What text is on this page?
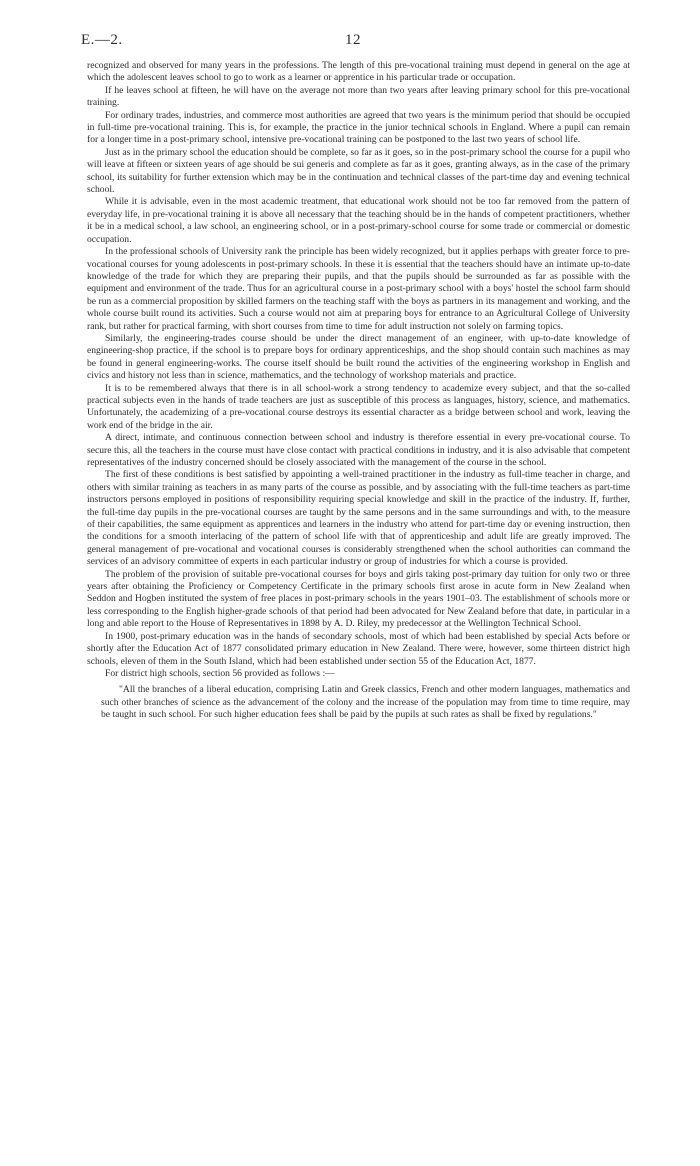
E.—2.	12

recognized and observed for many years in the professions. The length of this pre-vocational training must depend in general on the age at which the adolescent leaves school to go to work as a learner or apprentice in his particular trade or occupation.

If he leaves school at fifteen, he will have on the average not more than two years after leaving primary school for this pre-vocational training.

For ordinary trades, industries, and commerce most authorities are agreed that two years is the minimum period that should be occupied in full-time pre-vocational training. This is, for example, the practice in the junior technical schools in England. Where a pupil can remain for a longer time in a post-primary school, intensive pre-vocational training can be postponed to the last two years of school life.

Just as in the primary school the education should be complete, so far as it goes, so in the post-primary school the course for a pupil who will leave at fifteen or sixteen years of age should be sui generis and complete as far as it goes, granting always, as in the case of the primary school, its suitability for further extension which may be in the continuation and technical classes of the part-time day and evening technical school.

While it is advisable, even in the most academic treatment, that educational work should not be too far removed from the pattern of everyday life, in pre-vocational training it is above all necessary that the teaching should be in the hands of competent practitioners, whether it be in a medical school, a law school, an engineering school, or in a post-primary-school course for some trade or commercial or domestic occupation.

In the professional schools of University rank the principle has been widely recognized, but it applies perhaps with greater force to pre-vocational courses for young adolescents in post-primary schools. In these it is essential that the teachers should have an intimate up-to-date knowledge of the trade for which they are preparing their pupils, and that the pupils should be surrounded as far as possible with the equipment and environment of the trade. Thus for an agricultural course in a post-primary school with a boys' hostel the school farm should be run as a commercial proposition by skilled farmers on the teaching staff with the boys as partners in its management and working, and the whole course built round its activities. Such a course would not aim at preparing boys for entrance to an Agricultural College of University rank, but rather for practical farming, with short courses from time to time for adult instruction not solely on farming topics.

Similarly, the engineering-trades course should be under the direct management of an engineer, with up-to-date knowledge of engineering-shop practice, if the school is to prepare boys for ordinary apprenticeships, and the shop should contain such machines as may be found in general engineering-works. The course itself should be built round the activities of the engineering workshop in English and civics and history not less than in science, mathematics, and the technology of workshop materials and practice.

It is to be remembered always that there is in all school-work a strong tendency to academize every subject, and that the so-called practical subjects even in the hands of trade teachers are just as susceptible of this process as languages, history, science, and mathematics. Unfortunately, the academizing of a pre-vocational course destroys its essential character as a bridge between school and work, leaving the work end of the bridge in the air.

A direct, intimate, and continuous connection between school and industry is therefore essential in every pre-vocational course. To secure this, all the teachers in the course must have close contact with practical conditions in industry, and it is also advisable that competent representatives of the industry concerned should be closely associated with the management of the course in the school.

The first of these conditions is best satisfied by appointing a well-trained practitioner in the industry as full-time teacher in charge, and others with similar training as teachers in as many parts of the course as possible, and by associating with the full-time teachers as part-time instructors persons employed in positions of responsibility requiring special knowledge and skill in the practice of the industry. If, further, the full-time day pupils in the pre-vocational courses are taught by the same persons and in the same surroundings and with, to the measure of their capabilities, the same equipment as apprentices and learners in the industry who attend for part-time day or evening instruction, then the conditions for a smooth interlacing of the pattern of school life with that of apprenticeship and adult life are greatly improved. The general management of pre-vocational and vocational courses is considerably strengthened when the school authorities can command the services of an advisory committee of experts in each particular industry or group of industries for which a course is provided.

The problem of the provision of suitable pre-vocational courses for boys and girls taking post-primary day tuition for only two or three years after obtaining the Proficiency or Competency Certificate in the primary schools first arose in acute form in New Zealand when Seddon and Hogben instituted the system of free places in post-primary schools in the years 1901–03. The establishment of schools more or less corresponding to the English higher-grade schools of that period had been advocated for New Zealand before that date, in particular in a long and able report to the House of Representatives in 1898 by A. D. Riley, my predecessor at the Wellington Technical School.

In 1900, post-primary education was in the hands of secondary schools, most of which had been established by special Acts before or shortly after the Education Act of 1877 consolidated primary education in New Zealand. There were, however, some thirteen district high schools, eleven of them in the South Island, which had been established under section 55 of the Education Act, 1877.

For district high schools, section 56 provided as follows :—

"All the branches of a liberal education, comprising Latin and Greek classics, French and other modern languages, mathematics and such other branches of science as the advancement of the colony and the increase of the population may from time to time require, may be taught in such school. For such higher education fees shall be paid by the pupils at such rates as shall be fixed by regulations."
